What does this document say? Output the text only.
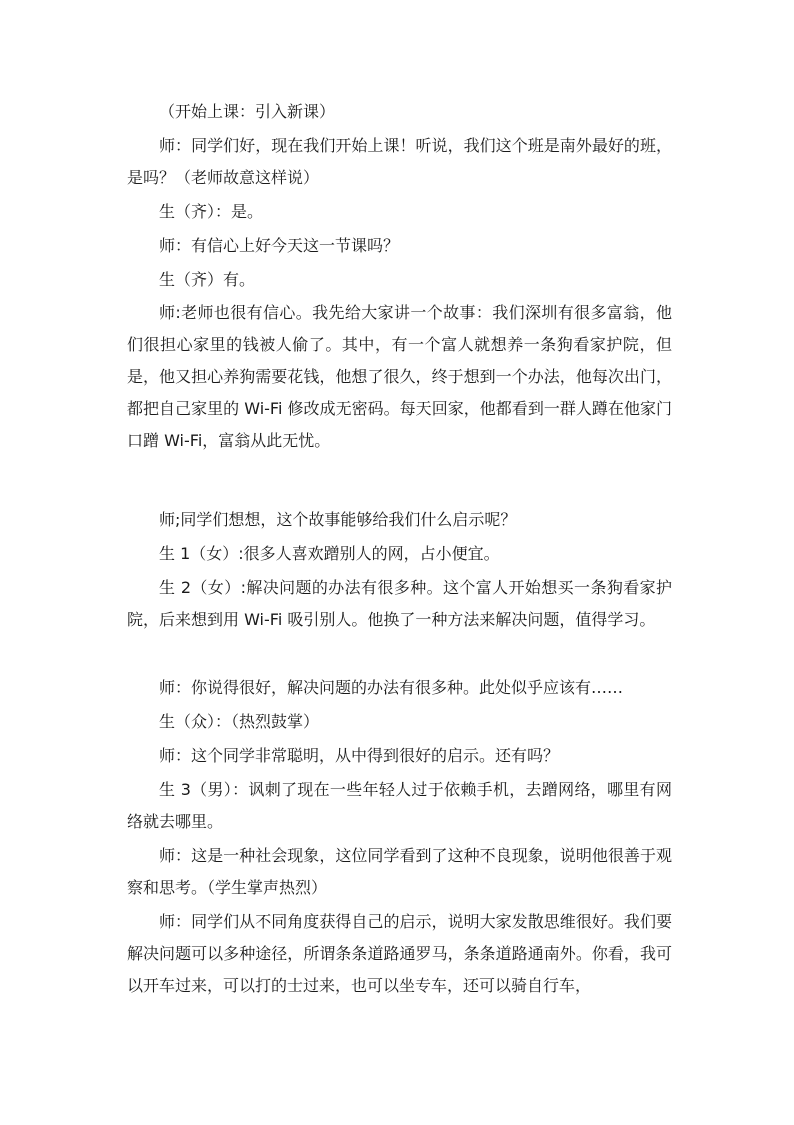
（开始上课：引入新课）

师：同学们好，现在我们开始上课！听说，我们这个班是南外最好的班，是吗？（老师故意这样说）

生（齐）：是。

师：有信心上好今天这一节课吗？

生（齐）有。

师:老师也很有信心。我先给大家讲一个故事：我们深圳有很多富翁，他们很担心家里的钱被人偷了。其中，有一个富人就想养一条狗看家护院，但是，他又担心养狗需要花钱，他想了很久，终于想到一个办法，他每次出门，都把自己家里的 Wi-Fi 修改成无密码。每天回家，他都看到一群人蹲在他家门口蹭 Wi-Fi，富翁从此无忧。

师;同学们想想，这个故事能够给我们什么启示呢？

生 1（女）:很多人喜欢蹭别人的网，占小便宜。

生 2（女）:解决问题的办法有很多种。这个富人开始想买一条狗看家护院，后来想到用 Wi-Fi 吸引别人。他换了一种方法来解决问题，值得学习。

师：你说得很好，解决问题的办法有很多种。此处似乎应该有……

生（众）：（热烈鼓掌）

师：这个同学非常聪明，从中得到很好的启示。还有吗？

生 3（男）：讽刺了现在一些年轻人过于依赖手机，去蹭网络，哪里有网络就去哪里。

师：这是一种社会现象，这位同学看到了这种不良现象，说明他很善于观察和思考。（学生掌声热烈）

师：同学们从不同角度获得自己的启示，说明大家发散思维很好。我们要解决问题可以多种途径，所谓条条道路通罗马，条条道路通南外。你看，我可以开车过来，可以打的士过来，也可以坐专车，还可以骑自行车，
